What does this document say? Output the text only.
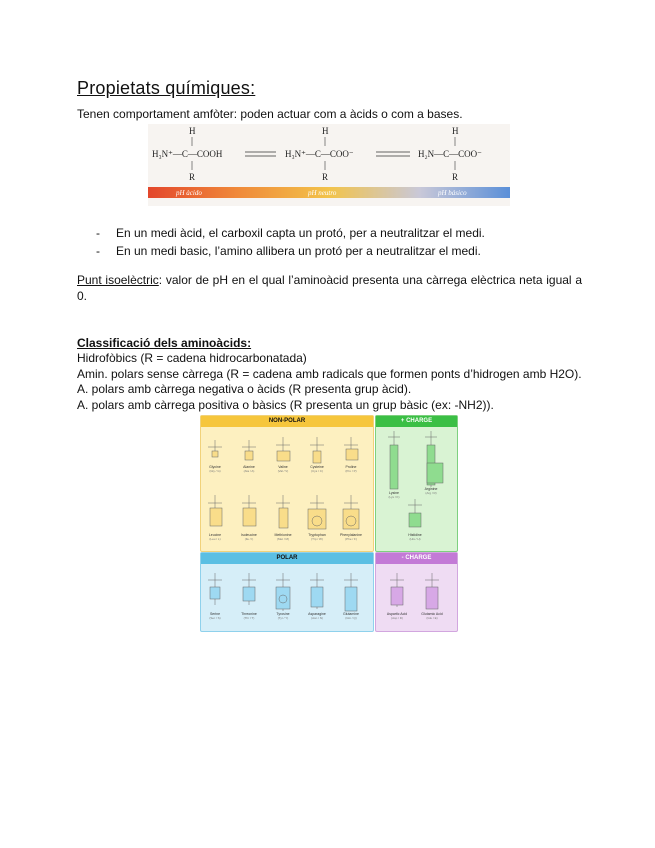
Propietats químiques:
Tenen comportament amfòter: poden actuar com a àcids o com a bases.
H
H₃N⁺—C—COOH
R
H
H₃N⁺—C—COO⁻
R
H
H₂N—C—COO⁻
R
pH àcido	pH neutro	pH básico
-	En un medi àcid, el carboxil capta un protó, per a neutralitzar el medi.
-	En un medi basic, l’amino allibera un protó per a neutralitzar el medi.
Punt isoelèctric: valor de pH en el qual l’aminoàcid presenta una càrrega elèctrica neta igual a 0.
Classificació dels aminoàcids:
Hidrofòbics (R = cadena hidrocarbonatada)
Amin. polars sense càrrega (R = cadena amb radicals que formen ponts d’hidrogen amb H2O).
A. polars amb càrrega negativa o àcids (R presenta grup àcid).
A. polars amb càrrega positiva o bàsics (R presenta un grup bàsic (ex: -NH2)).
NON-POLAR	+ CHARGE
POLAR	- CHARGE
Glycine
(Gly / G)
Alanine
(Ala / A)
Valine
(Val / V)
Cysteine
(Cys / C)
Proline
(Pro / P)
Leucine
(Leu / L)
Isoleucine
(Ile / I)
Methionine
(Met / M)
Tryptophan
(Trp / W)
Phenylalanine
(Phe / F)
Lysine
(Lys / K)
Arginine
(Arg / R)
Histidine
(His / H)
Serine
(Ser / S)
Threonine
(Thr / T)
Tyrosine
(Tyr / Y)
Asparagine
(Asn / N)
Glutamine
(Gln / Q)
Aspartic Acid
(Asp / D)
Glutamic Acid
(Glu / E)
